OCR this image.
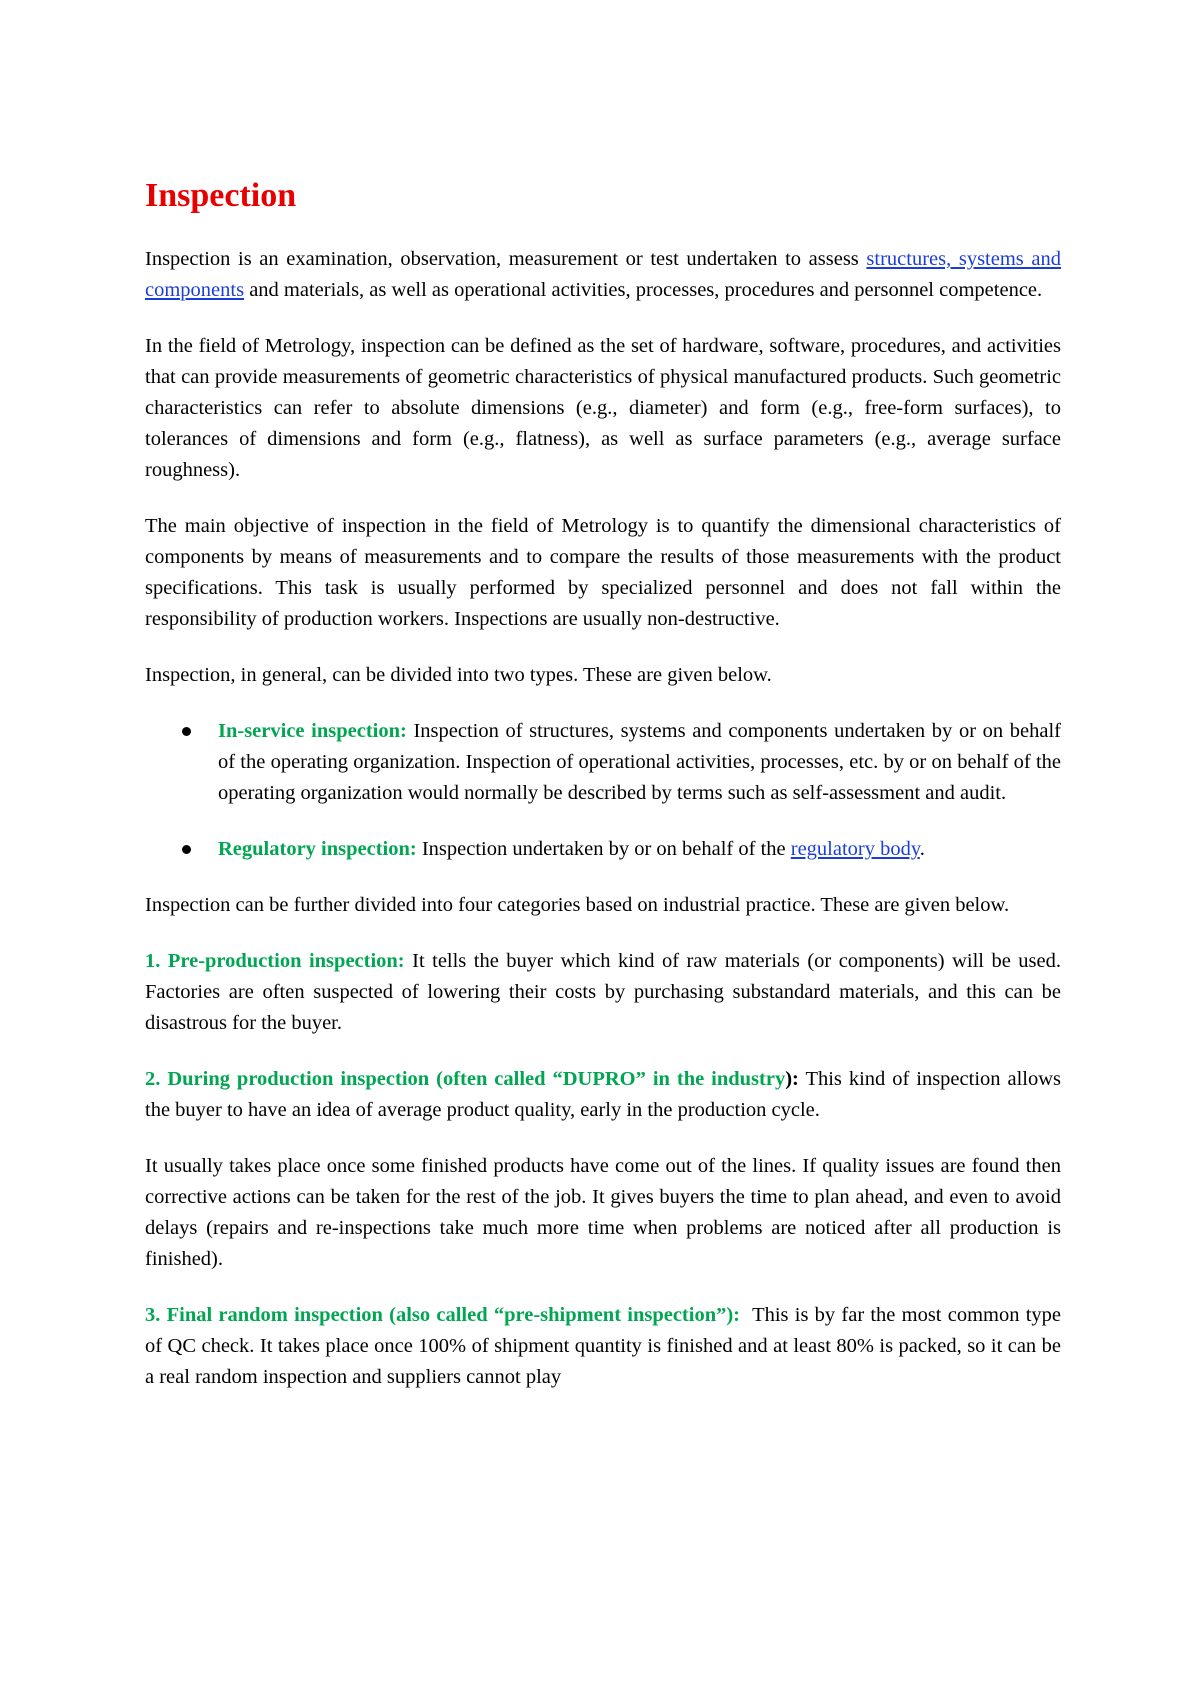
Inspection

Inspection is an examination, observation, measurement or test undertaken to assess structures, systems and components and materials, as well as operational activities, processes, procedures and personnel competence.

In the field of Metrology, inspection can be defined as the set of hardware, software, procedures, and activities that can provide measurements of geometric characteristics of physical manufactured products. Such geometric characteristics can refer to absolute dimensions (e.g., diameter) and form (e.g., free-form surfaces), to tolerances of dimensions and form (e.g., flatness), as well as surface parameters (e.g., average surface roughness).

The main objective of inspection in the field of Metrology is to quantify the dimensional characteristics of components by means of measurements and to compare the results of those measurements with the product specifications. This task is usually performed by specialized personnel and does not fall within the responsibility of production workers. Inspections are usually non-destructive.

Inspection, in general, can be divided into two types. These are given below.

In-service inspection: Inspection of structures, systems and components undertaken by or on behalf of the operating organization. Inspection of operational activities, processes, etc. by or on behalf of the operating organization would normally be described by terms such as self-assessment and audit.
Regulatory inspection: Inspection undertaken by or on behalf of the regulatory body.

Inspection can be further divided into four categories based on industrial practice. These are given below.

1. Pre-production inspection: It tells the buyer which kind of raw materials (or components) will be used. Factories are often suspected of lowering their costs by purchasing substandard materials, and this can be disastrous for the buyer.

2. During production inspection (often called “DUPRO” in the industry): This kind of inspection allows the buyer to have an idea of average product quality, early in the production cycle.

It usually takes place once some finished products have come out of the lines. If quality issues are found then corrective actions can be taken for the rest of the job. It gives buyers the time to plan ahead, and even to avoid delays (repairs and re-inspections take much more time when problems are noticed after all production is finished).

3. Final random inspection (also called “pre-shipment inspection”):  This is by far the most common type of QC check. It takes place once 100% of shipment quantity is finished and at least 80% is packed, so it can be a real random inspection and suppliers cannot play
